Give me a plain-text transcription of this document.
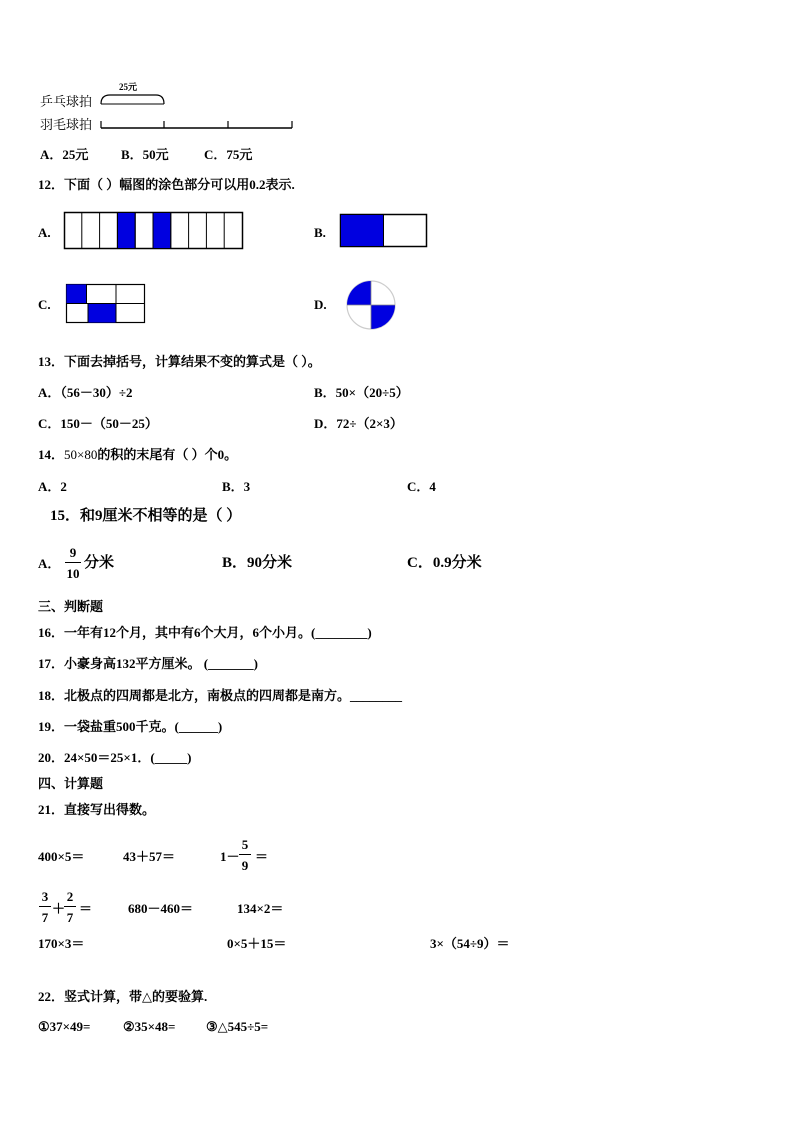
乒乓球拍
羽毛球拍
25元
A．25元	B．50元	C．75元
12．下面（ ）幅图的涂色部分可以用0.2表示.
A.	B.
C.	D.
13．下面去掉括号，计算结果不变的算式是（ ）。
A．（56－30）÷2	B．50×（20÷5）
C．150－（50－25）	D．72÷（2×3）
14．50×80的积的末尾有（ ）个0。
A．2	B．3	C．4
15．和9厘米不相等的是（ ）
A．
9
10
分米	B．90分米	C．0.9分米
三、判断题
16．一年有12个月，其中有6个大月，6个小月。(________)
17．小豪身高132平方厘米。 (_______)
18．北极点的四周都是北方，南极点的四周都是南方。________
19．一袋盐重500千克。(______)
20．24×50＝25×1．(_____)
四、计算题
21．直接写出得数。
400×5＝	43＋57＝	1－
5
9
＝
3
7
＋
2
7
＝	680－460＝	134×2＝
170×3＝	0×5＋15＝	3×（54÷9）＝
22．竖式计算，带△的要验算.
①37×49=	②35×48= ③△545÷5=
